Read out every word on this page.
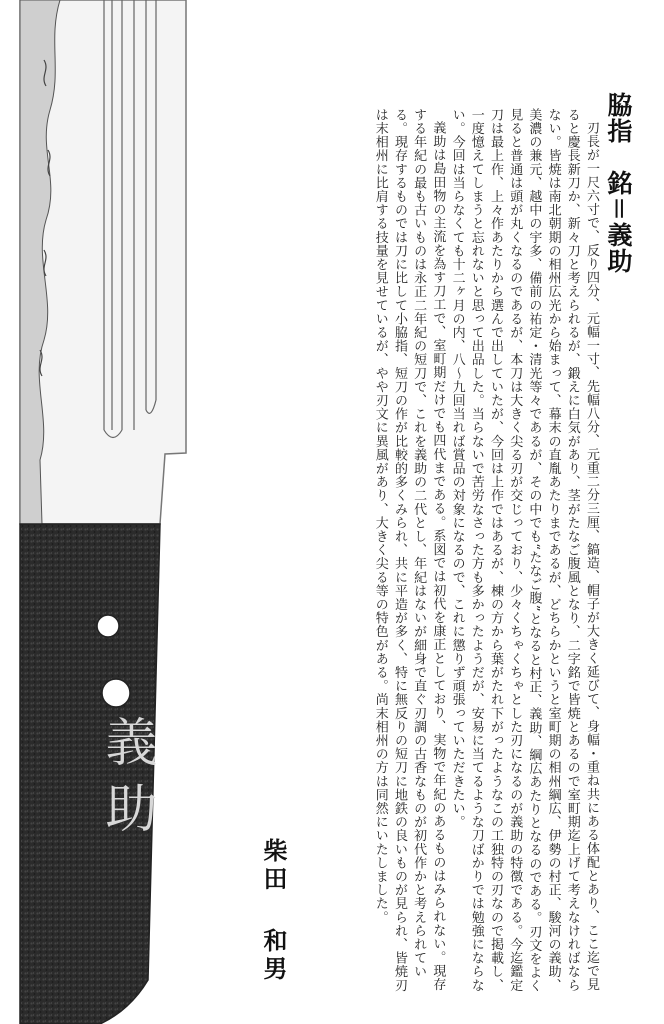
義助
脇指銘＝義助

刃長が一尺六寸で、反り四分、元幅一寸、先幅八分、元重二分三厘、鎬造、帽子が大きく延びて、身幅・重ね共にある体配とあり、ここ迄で見ると慶長新刀か、新々刀と考えられるが、鍛えに白気があり、茎がたなご腹風となり、二字銘で皆焼とあるので室町期迄上げて考えなければならない。皆焼は南北朝期の相州広光から始まって、幕末の直胤あたりまであるが、どちらかというと室町期の相州綱広、伊勢の村正、駿河の義助、美濃の兼元、越中の宇多、備前の祐定・清光等々であるが、その中でも“たなご腹”となると村正、義助、綱広あたりとなるのである。刃文をよく見ると普通は頭が丸くなるのであるが、本刀は大きく尖る刃が交じっており、少々くちゃくちゃとした刃になるのが義助の特徴である。今迄鑑定刀は最上作、上々作あたりから選んで出していたが、今回は上作ではあるが、棟の方から葉がたれ下がったようなこの工独特の刃なので掲載し、一度憶えてしまうと忘れないと思って出品した。当らないで苦労なさった方も多かったようだが、安易に当てるような刀ばかりでは勉強にならない。今回は当らなくても十二ヶ月の内、八～九回当れば賞品の対象になるので、これに懲りず頑張っていただきたい。

義助は島田物の主流を為す刀工で、室町期だけでも四代まである。系図では初代を康正としており、実物で年紀のあるものはみられない。現存する年紀の最も古いものは永正二年紀の短刀で、これを義助の二代とし、年紀はないが細身で直ぐ刃調の古香なものが初代作かと考えられている。現存するものでは刀に比して小脇指、短刀の作が比較的多くみられ、共に平造が多く、特に無反りの短刀に地鉄の良いものが見られ、皆焼刃は末相州に比肩する技量を見せているが、やや刃文に異風があり、大きく尖る等の特色がある。尚末相州の方は同然にいたしました。

柴田和男
